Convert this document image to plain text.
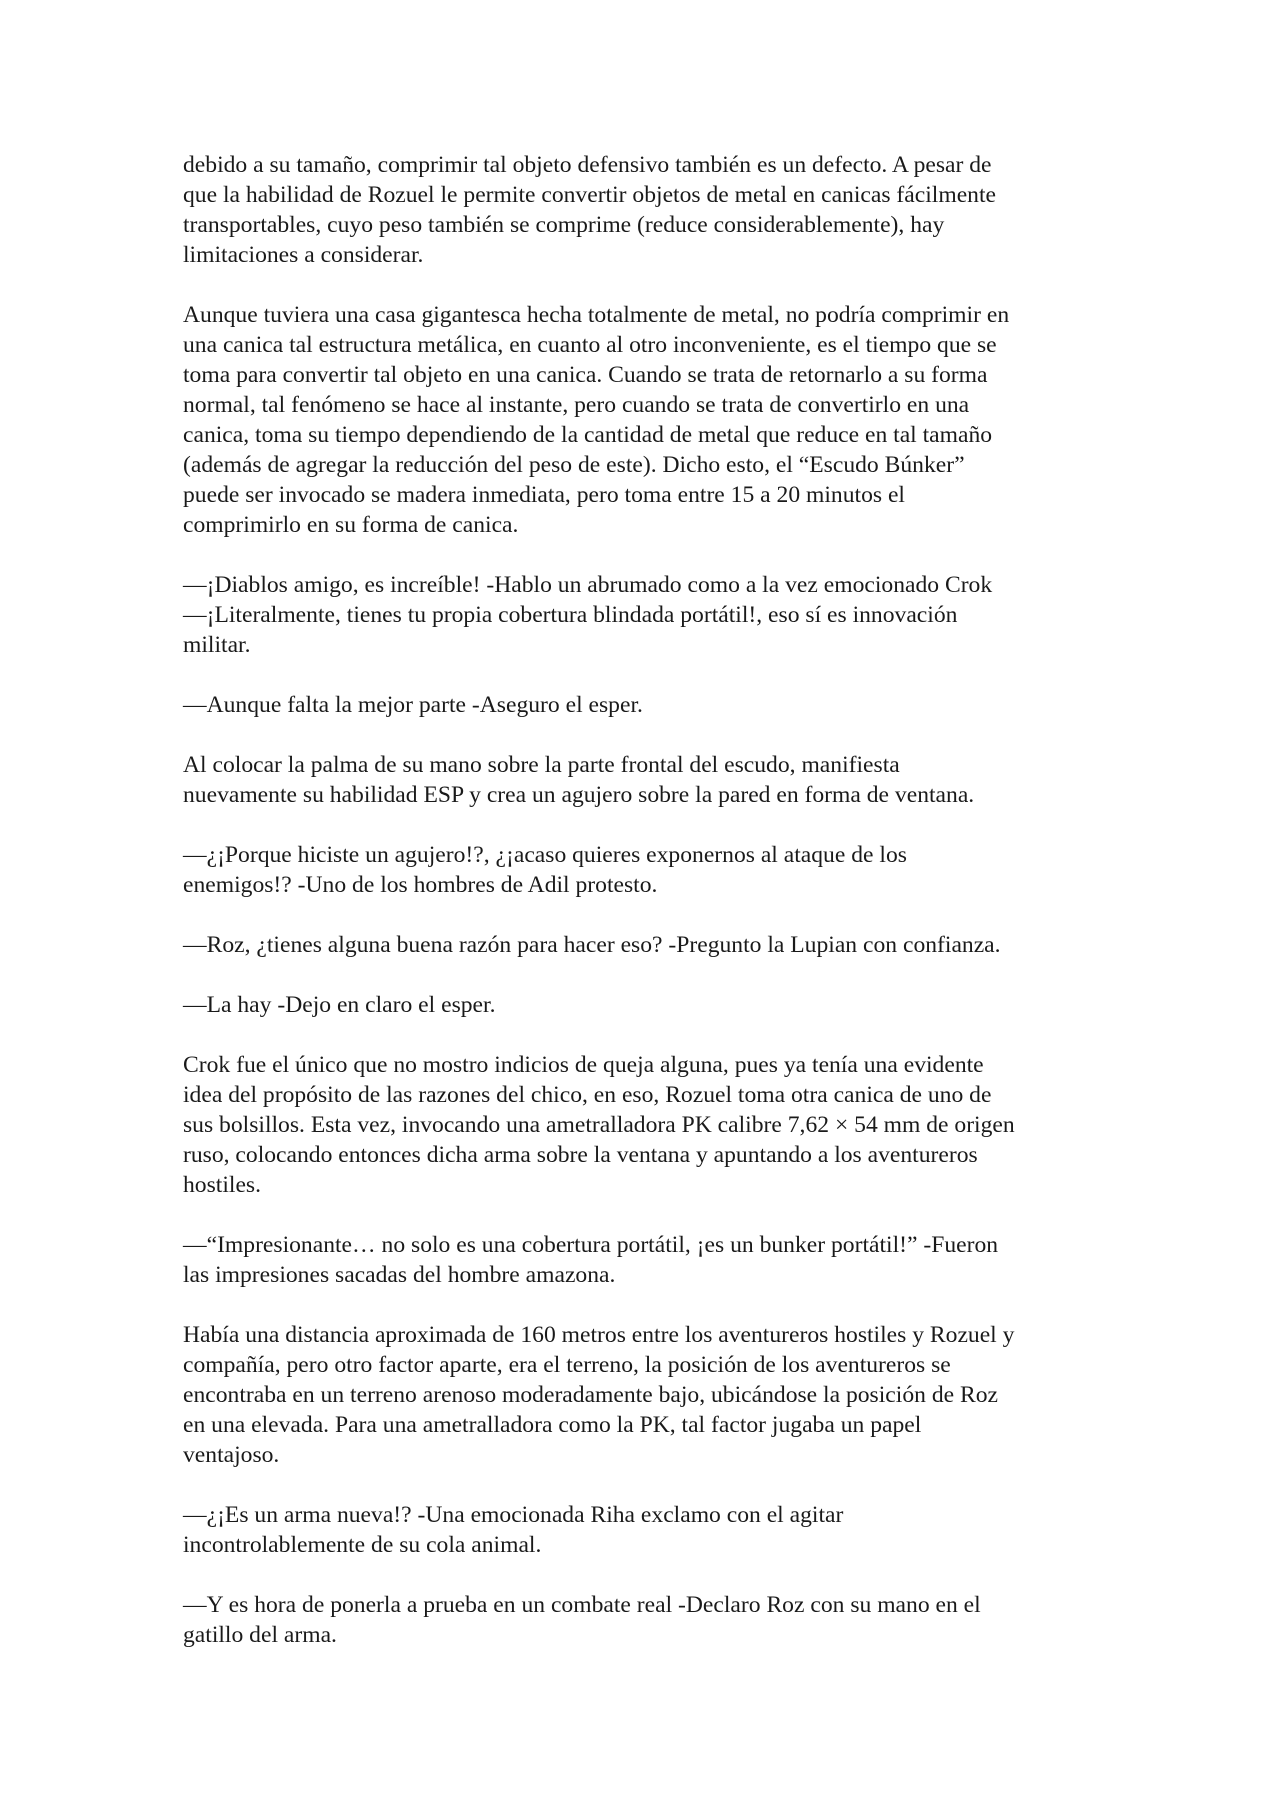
debido a su tamaño, comprimir tal objeto defensivo también es un defecto. A pesar de
que la habilidad de Rozuel le permite convertir objetos de metal en canicas fácilmente
transportables, cuyo peso también se comprime (reduce considerablemente), hay
limitaciones a considerar.

Aunque tuviera una casa gigantesca hecha totalmente de metal, no podría comprimir en
una canica tal estructura metálica, en cuanto al otro inconveniente, es el tiempo que se
toma para convertir tal objeto en una canica. Cuando se trata de retornarlo a su forma
normal, tal fenómeno se hace al instante, pero cuando se trata de convertirlo en una
canica, toma su tiempo dependiendo de la cantidad de metal que reduce en tal tamaño
(además de agregar la reducción del peso de este). Dicho esto, el “Escudo Búnker”
puede ser invocado se madera inmediata, pero toma entre 15 a 20 minutos el
comprimirlo en su forma de canica.

—¡Diablos amigo, es increíble! -Hablo un abrumado como a la vez emocionado Crok
—¡Literalmente, tienes tu propia cobertura blindada portátil!, eso sí es innovación
militar.

—Aunque falta la mejor parte -Aseguro el esper.

Al colocar la palma de su mano sobre la parte frontal del escudo, manifiesta
nuevamente su habilidad ESP y crea un agujero sobre la pared en forma de ventana.

—¿¡Porque hiciste un agujero!?, ¿¡acaso quieres exponernos al ataque de los
enemigos!? -Uno de los hombres de Adil protesto.

—Roz, ¿tienes alguna buena razón para hacer eso? -Pregunto la Lupian con confianza.

—La hay -Dejo en claro el esper.

Crok fue el único que no mostro indicios de queja alguna, pues ya tenía una evidente
idea del propósito de las razones del chico, en eso, Rozuel toma otra canica de uno de
sus bolsillos. Esta vez, invocando una ametralladora PK calibre 7,62 × 54 mm de origen
ruso, colocando entonces dicha arma sobre la ventana y apuntando a los aventureros
hostiles.

—“Impresionante… no solo es una cobertura portátil, ¡es un bunker portátil!” -Fueron
las impresiones sacadas del hombre amazona.

Había una distancia aproximada de 160 metros entre los aventureros hostiles y Rozuel y
compañía, pero otro factor aparte, era el terreno, la posición de los aventureros se
encontraba en un terreno arenoso moderadamente bajo, ubicándose la posición de Roz
en una elevada. Para una ametralladora como la PK, tal factor jugaba un papel
ventajoso.

—¿¡Es un arma nueva!? -Una emocionada Riha exclamo con el agitar
incontrolablemente de su cola animal.

—Y es hora de ponerla a prueba en un combate real -Declaro Roz con su mano en el
gatillo del arma.
